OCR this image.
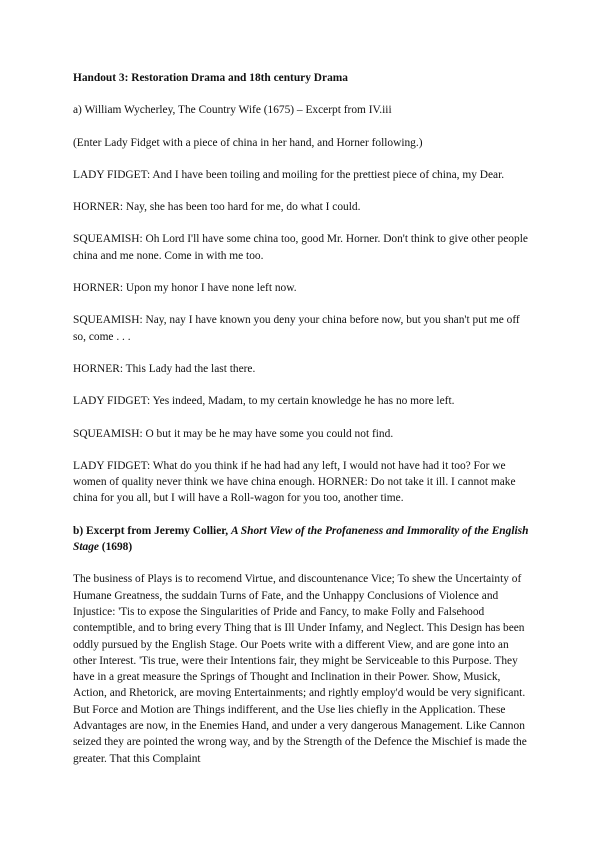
Handout 3: Restoration Drama and 18th century Drama

a) William Wycherley, The Country Wife (1675) – Excerpt from IV.iii

(Enter Lady Fidget with a piece of china in her hand, and Horner following.)

LADY FIDGET: And I have been toiling and moiling for the prettiest piece of china, my Dear.

HORNER: Nay, she has been too hard for me, do what I could.

SQUEAMISH: Oh Lord I'll have some china too, good Mr. Horner. Don't think to give other people china and me none. Come in with me too.

HORNER: Upon my honor I have none left now.

SQUEAMISH: Nay, nay I have known you deny your china before now, but you shan't put me off so, come . . .

HORNER: This Lady had the last there.

LADY FIDGET: Yes indeed, Madam, to my certain knowledge he has no more left.

SQUEAMISH: O but it may be he may have some you could not find.

LADY FIDGET: What do you think if he had had any left, I would not have had it too? For we women of quality never think we have china enough. HORNER: Do not take it ill. I cannot make china for you all, but I will have a Roll-wagon for you too, another time.

b) Excerpt from Jeremy Collier, A Short View of the Profaneness and Immorality of the English Stage (1698)

The business of Plays is to recomend Virtue, and discountenance Vice; To shew the Uncertainty of Humane Greatness, the suddain Turns of Fate, and the Unhappy Conclusions of Violence and Injustice: 'Tis to expose the Singularities of Pride and Fancy, to make Folly and Falsehood contemptible, and to bring every Thing that is Ill Under Infamy, and Neglect. This Design has been oddly pursued by the English Stage. Our Poets write with a different View, and are gone into an other Interest. 'Tis true, were their Intentions fair, they might be Serviceable to this Purpose. They have in a great measure the Springs of Thought and Inclination in their Power. Show, Musick, Action, and Rhetorick, are moving Entertainments; and rightly employ'd would be very significant. But Force and Motion are Things indifferent, and the Use lies chiefly in the Application. These Advantages are now, in the Enemies Hand, and under a very dangerous Management. Like Cannon seized they are pointed the wrong way, and by the Strength of the Defence the Mischief is made the greater. That this Complaint
